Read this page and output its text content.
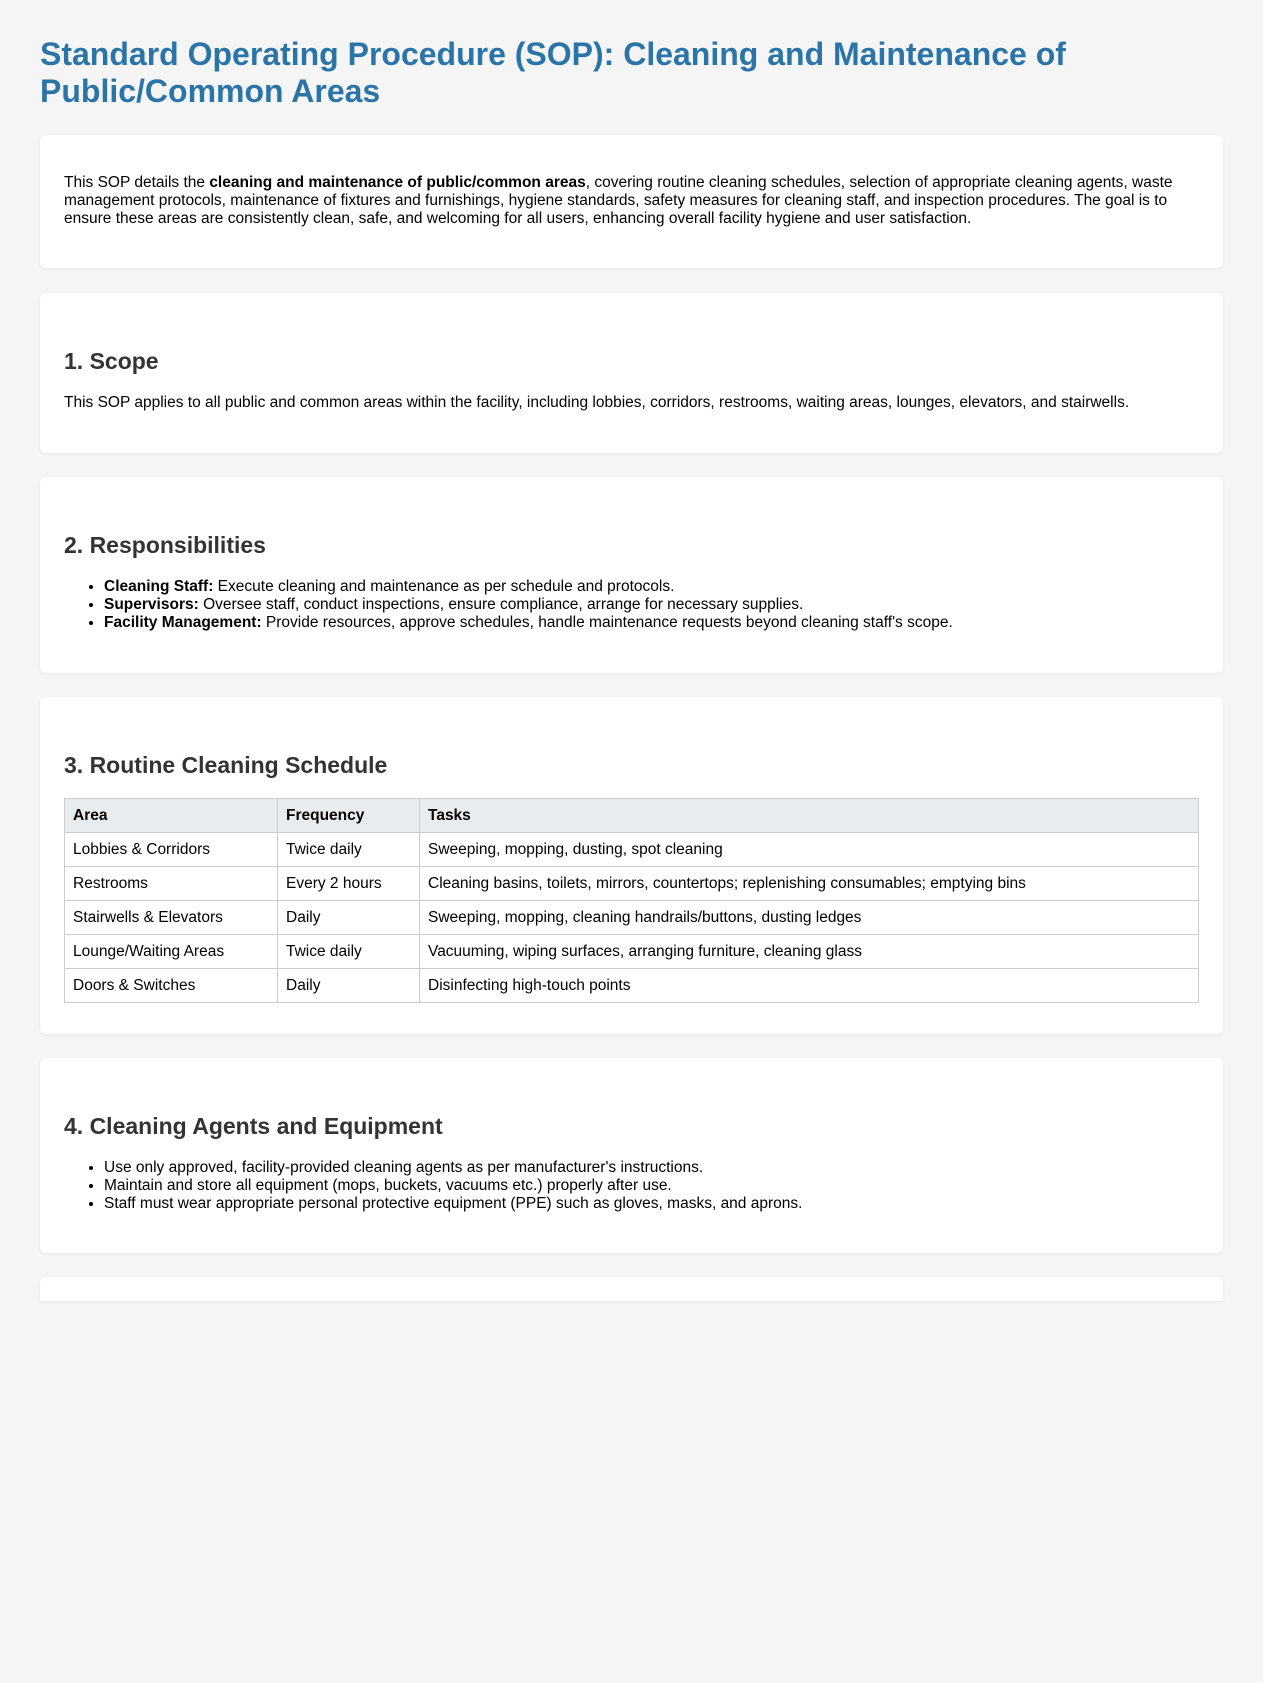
Standard Operating Procedure (SOP): Cleaning and Maintenance of Public/Common Areas

This SOP details the cleaning and maintenance of public/common areas, covering routine cleaning schedules, selection of appropriate cleaning agents, waste management protocols, maintenance of fixtures and furnishings, hygiene standards, safety measures for cleaning staff, and inspection procedures. The goal is to ensure these areas are consistently clean, safe, and welcoming for all users, enhancing overall facility hygiene and user satisfaction.

1. Scope

This SOP applies to all public and common areas within the facility, including lobbies, corridors, restrooms, waiting areas, lounges, elevators, and stairwells.

2. Responsibilities
• Cleaning Staff: Execute cleaning and maintenance as per schedule and protocols.
• Supervisors: Oversee staff, conduct inspections, ensure compliance, arrange for necessary supplies.
• Facility Management: Provide resources, approve schedules, handle maintenance requests beyond cleaning staff's scope.
3. Routine Cleaning Schedule
Area	Frequency	Tasks
Lobbies & Corridors	Twice daily	Sweeping, mopping, dusting, spot cleaning
Restrooms	Every 2 hours	Cleaning basins, toilets, mirrors, countertops; replenishing consumables; emptying bins
Stairwells & Elevators	Daily	Sweeping, mopping, cleaning handrails/buttons, dusting ledges
Lounge/Waiting Areas	Twice daily	Vacuuming, wiping surfaces, arranging furniture, cleaning glass
Doors & Switches	Daily	Disinfecting high-touch points
4. Cleaning Agents and Equipment
• Use only approved, facility-provided cleaning agents as per manufacturer's instructions.
• Maintain and store all equipment (mops, buckets, vacuums etc.) properly after use.
• Staff must wear appropriate personal protective equipment (PPE) such as gloves, masks, and aprons.
